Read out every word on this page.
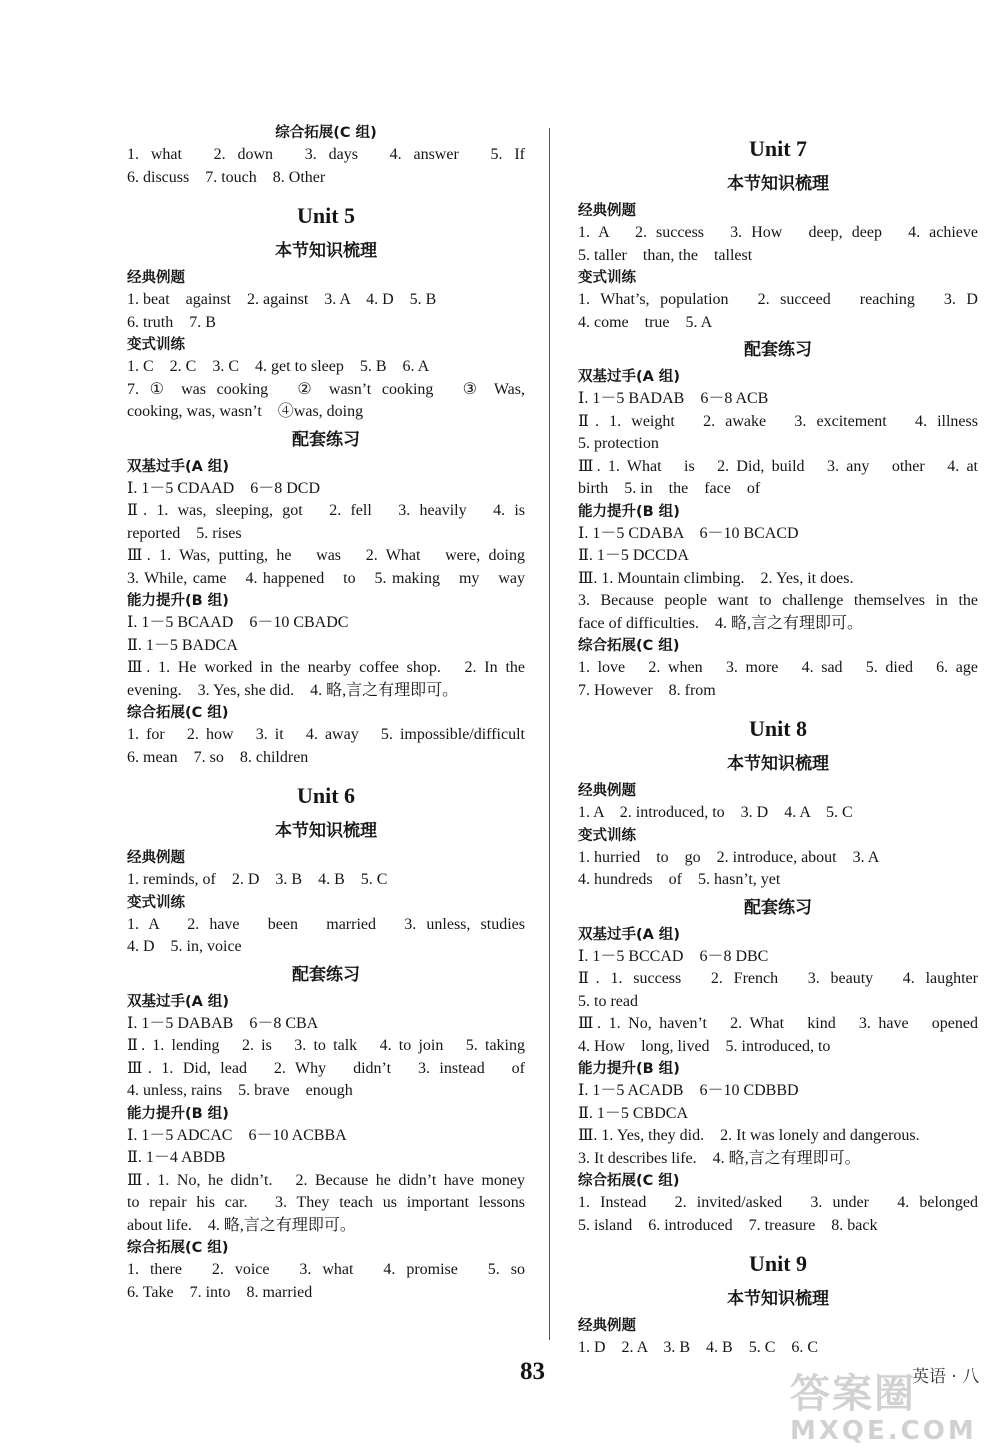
综合拓展(C 组)
1. what　2. down　3. days　4. answer　5. If
6. discuss　7. touch　8. Other
Unit 5
本节知识梳理
经典例题
1. beat　against　2. against　3. A　4. D　5. B
6. truth　7. B
变式训练
1. C　2. C　3. C　4. get to sleep　5. B　6. A
7. ① was cooking　② wasn’t cooking　③ Was,
cooking, was, wasn’t　④was, doing
配套练习
双基过手(A 组)
Ⅰ. 1－5 CDAAD　6－8 DCD
Ⅱ. 1. was, sleeping, got　2. fell　3. heavily　4. is
reported　5. rises
Ⅲ. 1. Was, putting, he　was　2. What　were, doing
3. While, came　4. happened　to　5. making　my　way
能力提升(B 组)
Ⅰ. 1－5 BCAAD　6－10 CBADC
Ⅱ. 1－5 BADCA
Ⅲ. 1. He worked in the nearby coffee shop.　2. In the
evening.　3. Yes, she did.　4. 略,言之有理即可。
综合拓展(C 组)
1. for　2. how　3. it　4. away　5. impossible/difficult
6. mean　7. so　8. children
Unit 6
本节知识梳理
经典例题
1. reminds, of　2. D　3. B　4. B　5. C
变式训练
1. A　2. have　been　married　3. unless, studies
4. D　5. in, voice
配套练习
双基过手(A 组)
Ⅰ. 1－5 DABAB　6－8 CBA
Ⅱ. 1. lending　2. is　3. to talk　4. to join　5. taking
Ⅲ. 1. Did, lead　2. Why　didn’t　3. instead　of
4. unless, rains　5. brave　enough
能力提升(B 组)
Ⅰ. 1－5 ADCAC　6－10 ACBBA
Ⅱ. 1－4 ABDB
Ⅲ. 1. No, he didn’t.　2. Because he didn’t have money
to repair his car.　3. They teach us important lessons
about life.　4. 略,言之有理即可。
综合拓展(C 组)
1. there　2. voice　3. what　4. promise　5. so
6. Take　7. into　8. married
Unit 7
本节知识梳理
经典例题
1. A　2. success　3. How　deep, deep　4. achieve
5. taller　than, the　tallest
变式训练
1. What’s, population　2. succeed　reaching　3. D
4. come　true　5. A
配套练习
双基过手(A 组)
Ⅰ. 1－5 BADAB　6－8 ACB
Ⅱ. 1. weight　2. awake　3. excitement　4. illness
5. protection
Ⅲ. 1. What　is　2. Did, build　3. any　other　4. at
birth　5. in　the　face　of
能力提升(B 组)
Ⅰ. 1－5 CDABA　6－10 BCACD
Ⅱ. 1－5 DCCDA
Ⅲ. 1. Mountain climbing.　2. Yes, it does.
3. Because people want to challenge themselves in the
face of difficulties.　4. 略,言之有理即可。
综合拓展(C 组)
1. love　2. when　3. more　4. sad　5. died　6. age
7. However　8. from
Unit 8
本节知识梳理
经典例题
1. A　2. introduced, to　3. D　4. A　5. C
变式训练
1. hurried　to　go　2. introduce, about　3. A
4. hundreds　of　5. hasn’t, yet
配套练习
双基过手(A 组)
Ⅰ. 1－5 BCCAD　6－8 DBC
Ⅱ. 1. success　2. French　3. beauty　4. laughter
5. to read
Ⅲ. 1. No, haven’t　2. What　kind　3. have　opened
4. How　long, lived　5. introduced, to
能力提升(B 组)
Ⅰ. 1－5 ACADB　6－10 CDBBD
Ⅱ. 1－5 CBDCA
Ⅲ. 1. Yes, they did.　2. It was lonely and dangerous.
3. It describes life.　4. 略,言之有理即可。
综合拓展(C 组)
1. Instead　2. invited/asked　3. under　4. belonged
5. island　6. introduced　7. treasure　8. back
Unit 9
本节知识梳理
经典例题
1. D　2. A　3. B　4. B　5. C　6. C
83	英语 · 八
答案圈
MXQE.COM
